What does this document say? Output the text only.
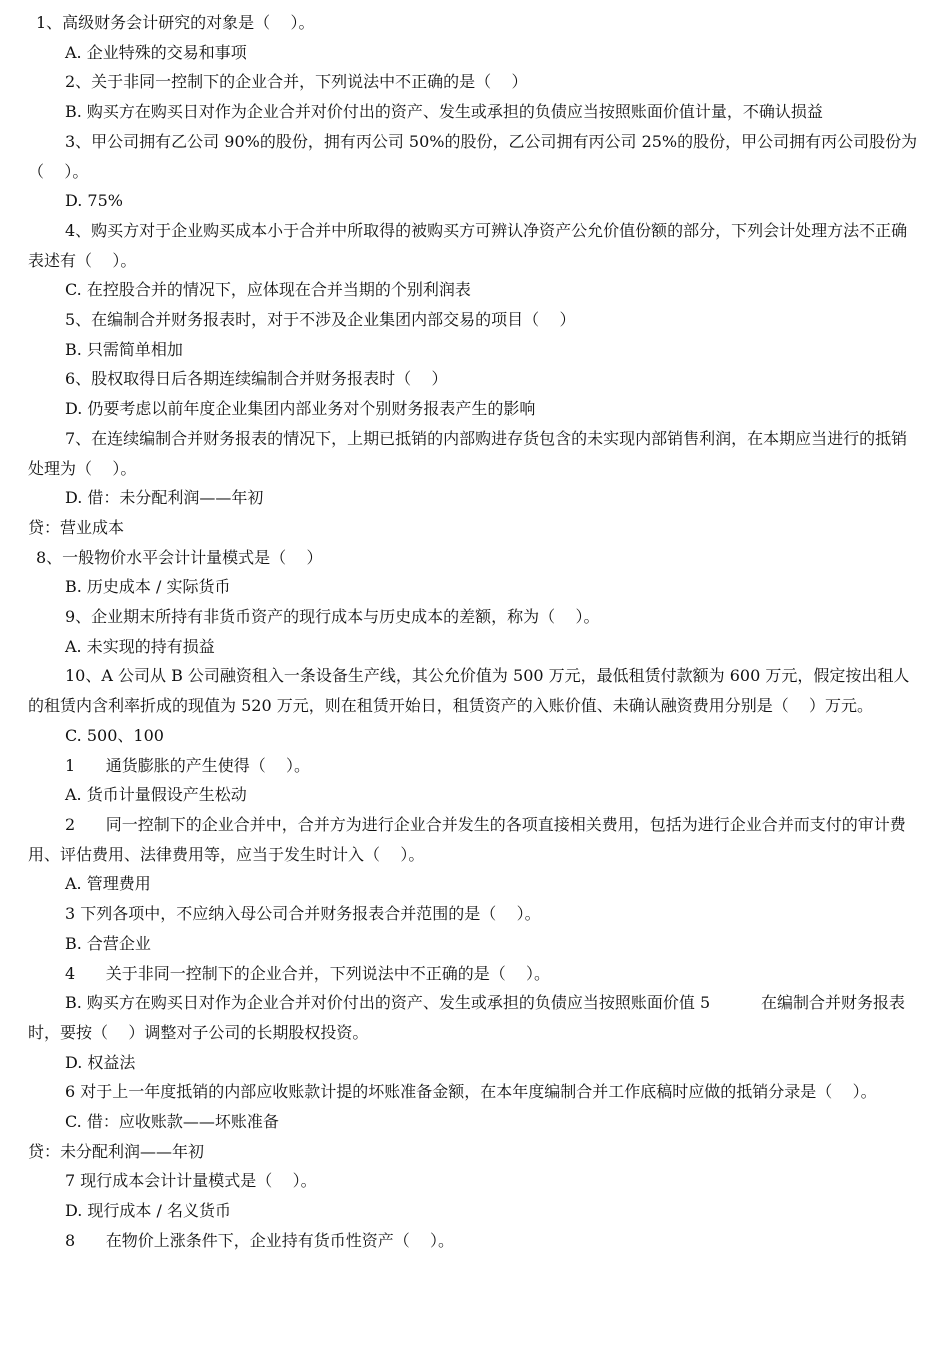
1、高级财务会计研究的对象是（    ）。
A. 企业特殊的交易和事项
2、关于非同一控制下的企业合并，下列说法中不正确的是（    ）
B. 购买方在购买日对作为企业合并对价付出的资产、发生或承担的负债应当按照账面价值计量，不确认损益
3、甲公司拥有乙公司 90%的股份，拥有丙公司 50%的股份，乙公司拥有丙公司 25%的股份，甲公司拥有丙公司股份为（    ）。
D. 75%
4、购买方对于企业购买成本小于合并中所取得的被购买方可辨认净资产公允价值份额的部分，下列会计处理方法不正确表述有（    ）。
C. 在控股合并的情况下，应体现在合并当期的个别利润表
5、在编制合并财务报表时，对于不涉及企业集团内部交易的项目（    ）
B. 只需简单相加
6、股权取得日后各期连续编制合并财务报表时（    ）
D. 仍要考虑以前年度企业集团内部业务对个别财务报表产生的影响
7、在连续编制合并财务报表的情况下，上期已抵销的内部购进存货包含的未实现内部销售利润，在本期应当进行的抵销处理为（    ）。
D. 借：未分配利润——年初
贷：营业成本
8、一般物价水平会计计量模式是（    ）
B. 历史成本 / 实际货币
9、企业期末所持有非货币资产的现行成本与历史成本的差额，称为（    ）。
A. 未实现的持有损益
10、A 公司从 B 公司融资租入一条设备生产线，其公允价值为 500 万元，最低租赁付款额为 600 万元，假定按出租人的租赁内含利率折成的现值为 520 万元，则在租赁开始日，租赁资产的入账价值、未确认融资费用分别是（    ）万元。
C. 500、100
1      通货膨胀的产生使得（    ）。
A. 货币计量假设产生松动
2      同一控制下的企业合并中，合并方为进行企业合并发生的各项直接相关费用，包括为进行企业合并而支付的审计费用、评估费用、法律费用等，应当于发生时计入（    ）。
A. 管理费用
3 下列各项中，不应纳入母公司合并财务报表合并范围的是（    ）。
B. 合营企业
4      关于非同一控制下的企业合并，下列说法中不正确的是（    ）。
B. 购买方在购买日对作为企业合并对价付出的资产、发生或承担的负债应当按照账面价值 5          在编制合并财务报表时，要按（    ）调整对子公司的长期股权投资。
D. 权益法
6 对于上一年度抵销的内部应收账款计提的坏账准备金额，在本年度编制合并工作底稿时应做的抵销分录是（    ）。
C. 借：应收账款——坏账准备
贷：未分配利润——年初
7 现行成本会计计量模式是（    ）。
D. 现行成本 / 名义货币
8      在物价上涨条件下，企业持有货币性资产（    ）。
